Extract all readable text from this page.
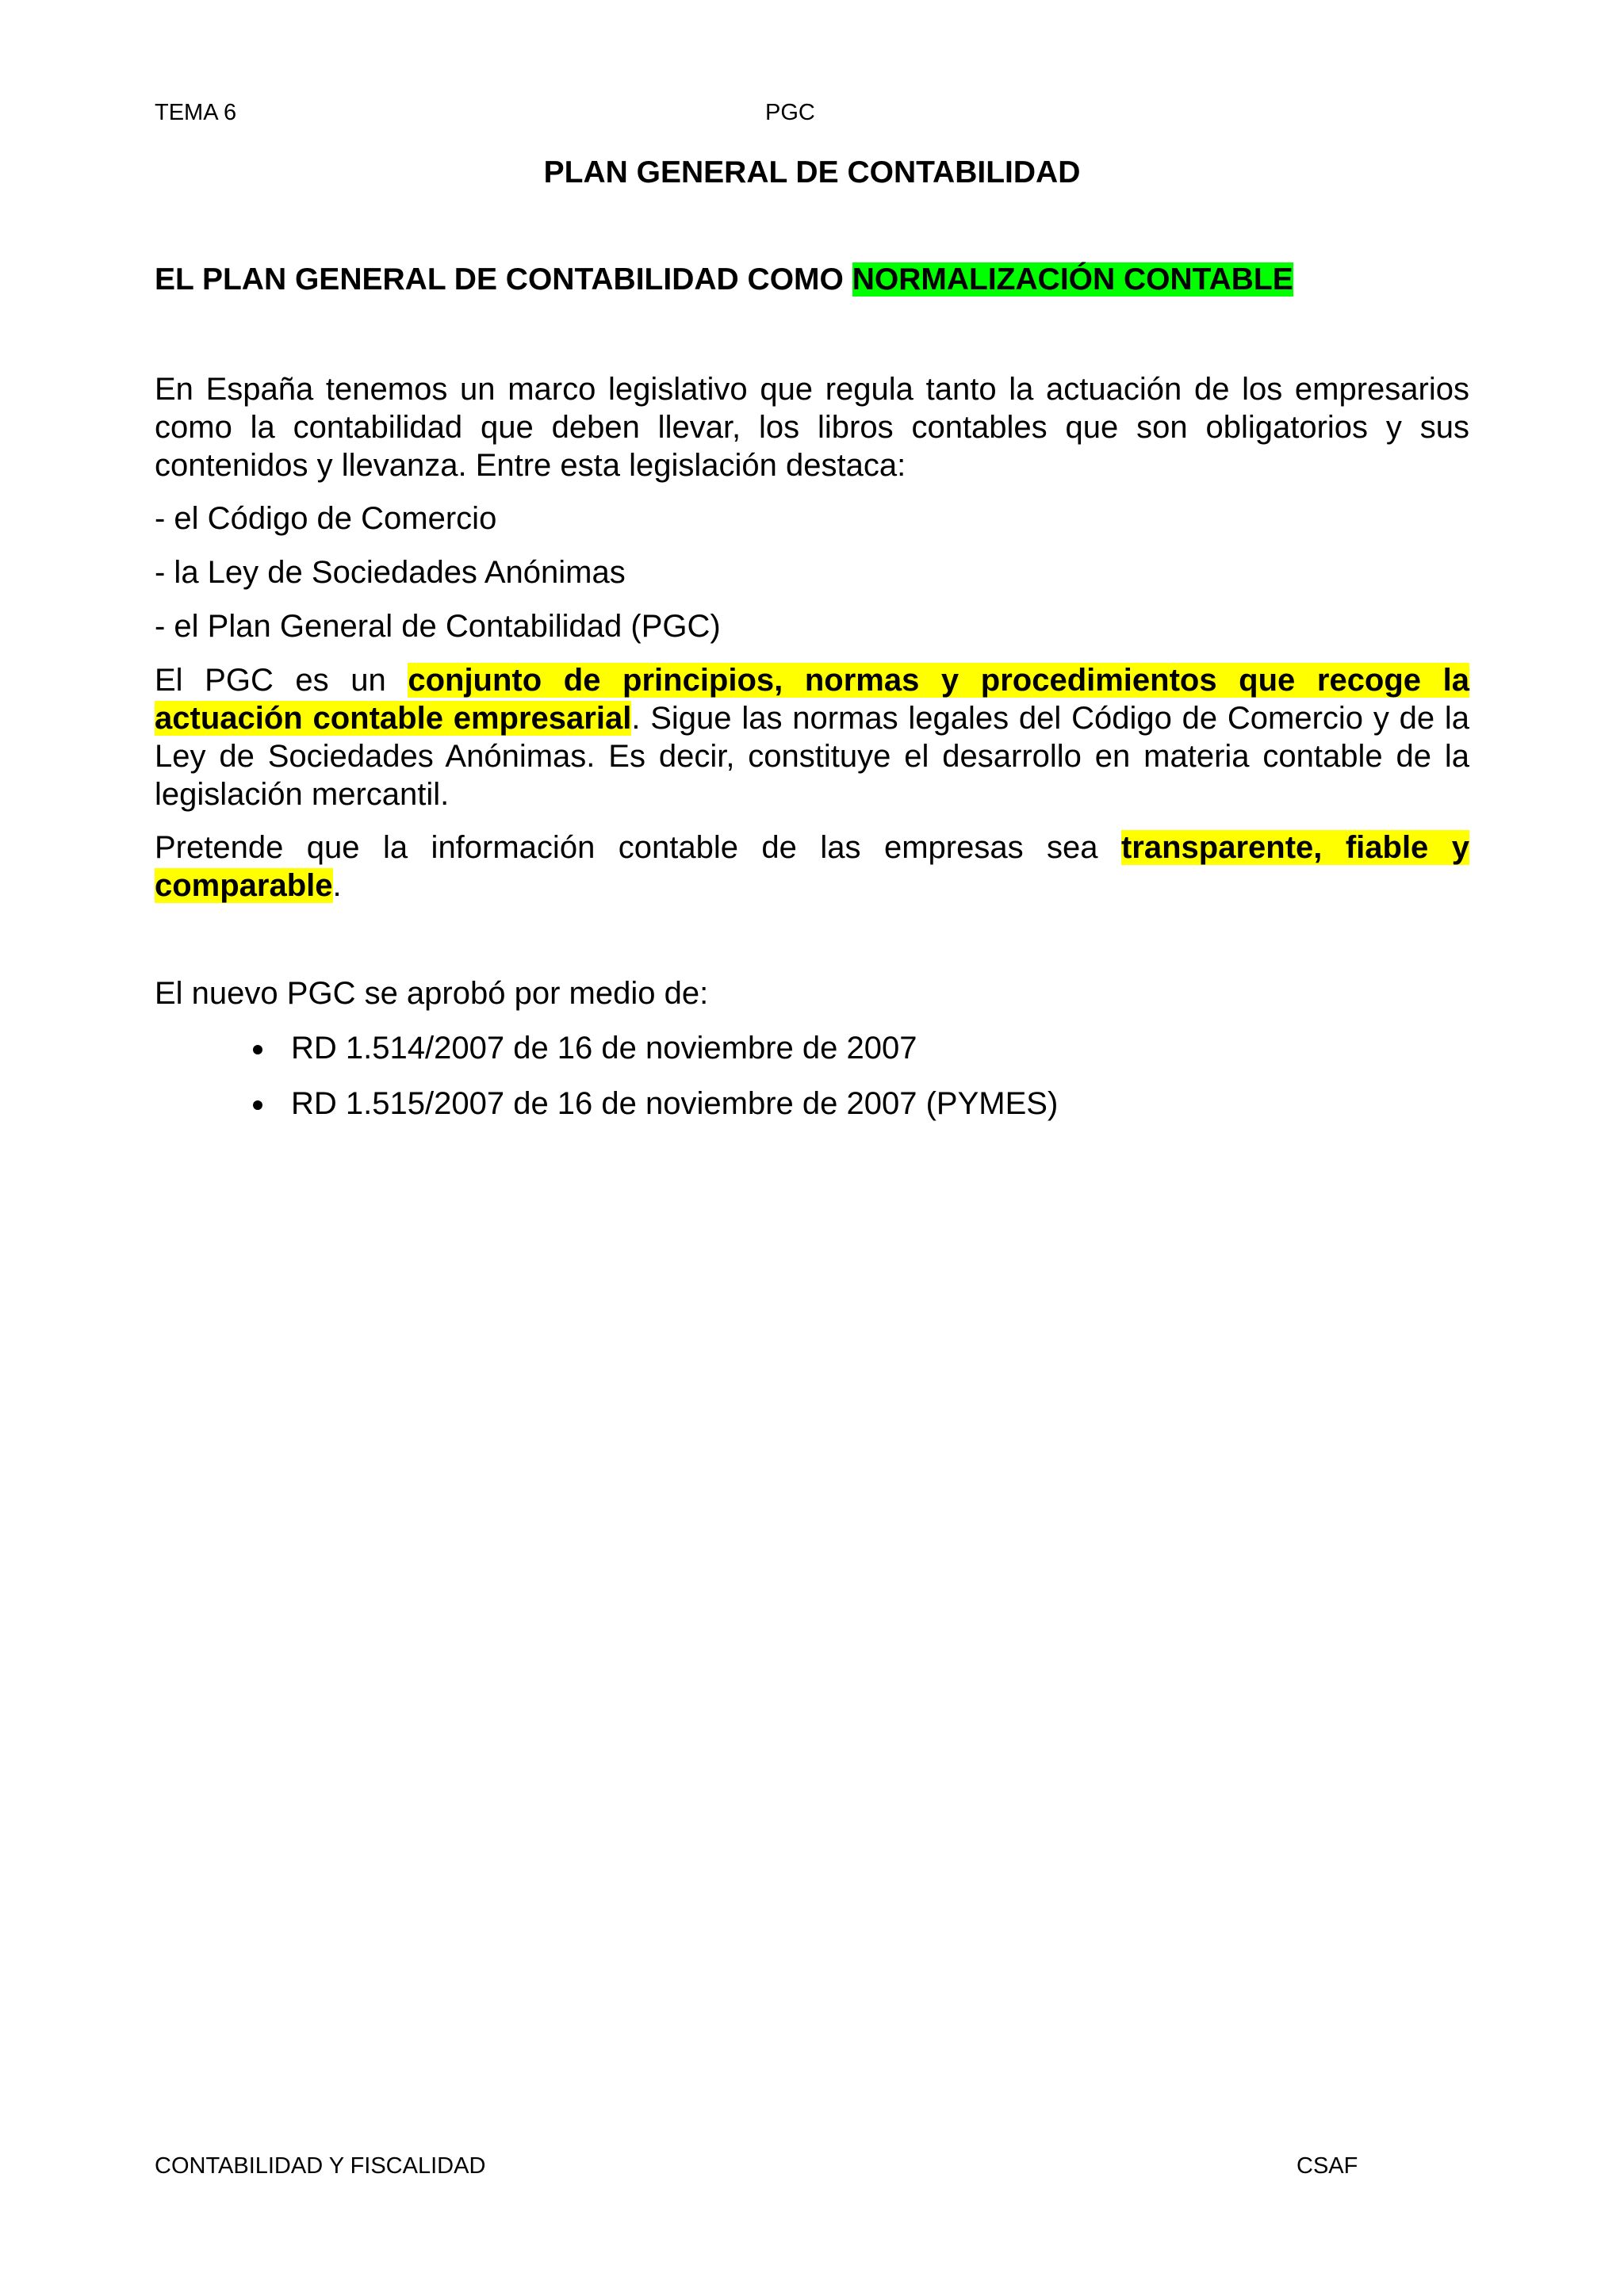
TEMA 6	PGC
PLAN GENERAL DE CONTABILIDAD
EL PLAN GENERAL DE CONTABILIDAD COMO NORMALIZACIÓN CONTABLE
En España tenemos un marco legislativo que regula tanto la actuación de los empresarios como la contabilidad que deben llevar, los libros contables que son obligatorios y sus contenidos y llevanza. Entre esta legislación destaca:
- el Código de Comercio
- la Ley de Sociedades Anónimas
- el Plan General de Contabilidad (PGC)
El PGC es un conjunto de principios, normas y procedimientos que recoge la actuación contable empresarial. Sigue las normas legales del Código de Comercio y de la Ley de Sociedades Anónimas. Es decir, constituye el desarrollo en materia contable de la legislación mercantil.
Pretende que la información contable de las empresas sea transparente, fiable y comparable.
El nuevo PGC se aprobó por medio de:
RD 1.514/2007 de 16 de noviembre de 2007
RD 1.515/2007 de 16 de noviembre de 2007 (PYMES)
CONTABILIDAD Y FISCALIDAD	CSAF
